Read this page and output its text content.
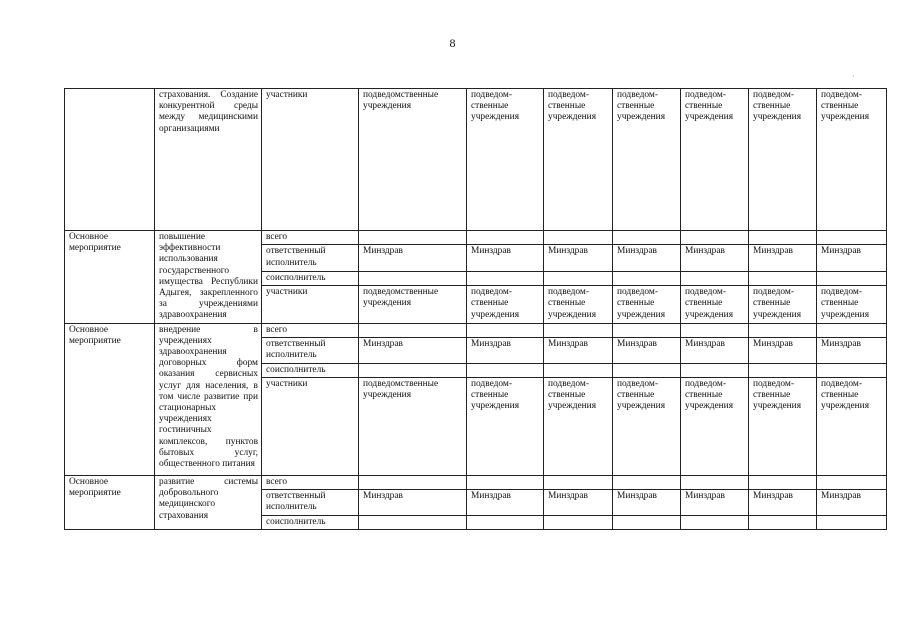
8
·
	страхования. Создание конкурентной среды между медицинскими организациями	участники	подведомственные учреждения	подведом-ственные учреждения	подведом-ственные учреждения	подведом-ственные учреждения	подведом-ственные учреждения	подведом-ственные учреждения	подведом-ственные учреждения
Основное мероприятие	повышение эффективности использования государственного имущества Республики Адыгея, закрепленного за учреждениями здравоохранения	всего							
		ответственный исполнитель	Минздрав	Минздрав	Минздрав	Минздрав	Минздрав	Минздрав	Минздрав
		соисполнитель							
		участники	подведомственные учреждения	подведом-ственные учреждения	подведом-ственные учреждения	подведом-ственные учреждения	подведом-ственные учреждения	подведом-ственные учреждения	подведом-ственные учреждения
Основное мероприятие	внедрение в учреждениях здравоохранения договорных форм оказания сервисных услуг для населения, в том числе развитие при стационарных учреждениях гостиничных комплексов, пунктов бытовых услуг, общественного питания	всего							
		ответственный исполнитель	Минздрав	Минздрав	Минздрав	Минздрав	Минздрав	Минздрав	Минздрав
		соисполнитель							
		участники	подведомственные учреждения	подведом-ственные учреждения	подведом-ственные учреждения	подведом-ственные учреждения	подведом-ственные учреждения	подведом-ственные учреждения	подведом-ственные учреждения
Основное мероприятие	развитие системы добровольного медицинского страхования	всего							
		ответственный исполнитель	Минздрав	Минздрав	Минздрав	Минздрав	Минздрав	Минздрав	Минздрав
		соисполнитель							
